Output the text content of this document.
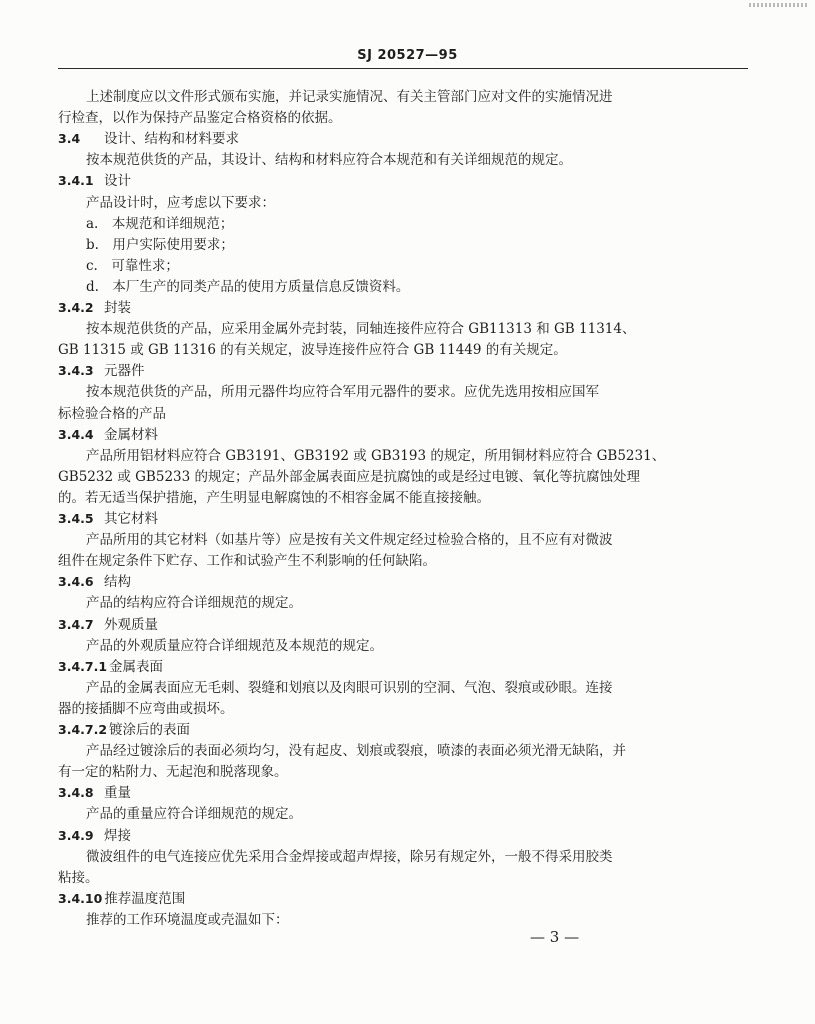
SJ 20527—95
上述制度应以文件形式颁布实施，并记录实施情况、有关主管部门应对文件的实施情况进
行检查，以作为保持产品鉴定合格资格的依据。
3.4 设计、结构和材料要求
按本规范供货的产品，其设计、结构和材料应符合本规范和有关详细规范的规定。
3.4.1 设计
产品设计时，应考虑以下要求：
a.　本规范和详细规范；
b.　用户实际使用要求；
c.　可靠性求；
d.　本厂生产的同类产品的使用方质量信息反馈资料。
3.4.2 封装
按本规范供货的产品，应采用金属外壳封装，同轴连接件应符合 GB11313 和 GB 11314、
GB 11315 或 GB 11316 的有关规定，波导连接件应符合 GB 11449 的有关规定。
3.4.3 元器件
按本规范供货的产品，所用元器件均应符合军用元器件的要求。应优先选用按相应国军
标检验合格的产品
3.4.4 金属材料
产品所用铝材料应符合 GB3191、GB3192 或 GB3193 的规定，所用铜材料应符合 GB5231、
GB5232 或 GB5233 的规定；产品外部金属表面应是抗腐蚀的或是经过电镀、氧化等抗腐蚀处理
的。若无适当保护措施，产生明显电解腐蚀的不相容金属不能直接接触。
3.4.5 其它材料
产品所用的其它材料（如基片等）应是按有关文件规定经过检验合格的，且不应有对微波
组件在规定条件下贮存、工作和试验产生不利影响的任何缺陷。
3.4.6 结构
产品的结构应符合详细规范的规定。
3.4.7 外观质量
产品的外观质量应符合详细规范及本规范的规定。
3.4.7.1 金属表面
产品的金属表面应无毛刺、裂缝和划痕以及肉眼可识别的空洞、气泡、裂痕或砂眼。连接
器的接插脚不应弯曲或损坏。
3.4.7.2 镀涂后的表面
产品经过镀涂后的表面必须均匀，没有起皮、划痕或裂痕，喷漆的表面必须光滑无缺陷，并
有一定的粘附力、无起泡和脱落现象。
3.4.8 重量
产品的重量应符合详细规范的规定。
3.4.9 焊接
微波组件的电气连接应优先采用合金焊接或超声焊接，除另有规定外，一般不得采用胶类
粘接。
3.4.10 推荐温度范围
推荐的工作环境温度或壳温如下：
— 3 —
